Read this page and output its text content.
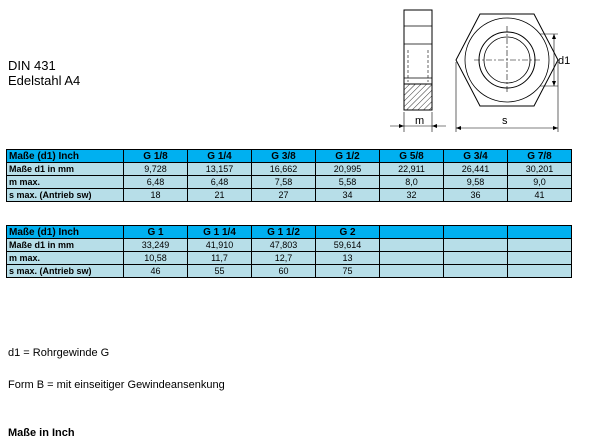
DIN 431
Edelstahl A4
m
d1
s
Maße (d1) Inch	G 1/8	G 1/4	G 3/8	G 1/2	G 5/8	G 3/4	G 7/8
Maße d1 in mm	9,728	13,157	16,662	20,995	22,911	26,441	30,201
m max.	6,48	6,48	7,58	5,58	8,0	9,58	9,0
s max. (Antrieb sw)	18	21	27	34	32	36	41
Maße (d1) Inch	G 1	G 1 1/4	G 1 1/2	G 2			
Maße d1 in mm	33,249	41,910	47,803	59,614			
m max.	10,58	11,7	12,7	13			
s max. (Antrieb sw)	46	55	60	75			
d1 = Rohrgewinde G
Form B = mit einseitiger Gewindeansenkung
Maße in Inch
